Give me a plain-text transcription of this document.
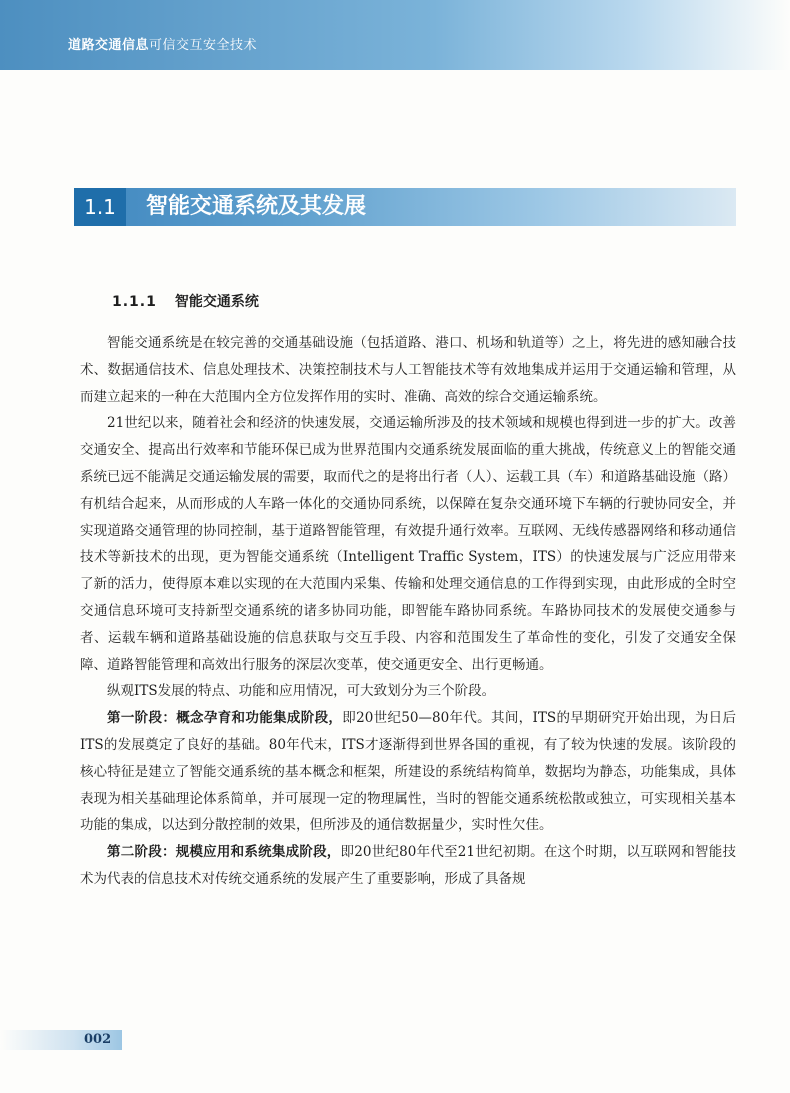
道路交通信息可信交互安全技术
1.1	智能交通系统及其发展
1.1.1 智能交通系统

智能交通系统是在较完善的交通基础设施（包括道路、港口、机场和轨道等）之上，将先进的感知融合技术、数据通信技术、信息处理技术、决策控制技术与人工智能技术等有效地集成并运用于交通运输和管理，从而建立起来的一种在大范围内全方位发挥作用的实时、准确、高效的综合交通运输系统。

21世纪以来，随着社会和经济的快速发展，交通运输所涉及的技术领域和规模也得到进一步的扩大。改善交通安全、提高出行效率和节能环保已成为世界范围内交通系统发展面临的重大挑战，传统意义上的智能交通系统已远不能满足交通运输发展的需要，取而代之的是将出行者（人）、运载工具（车）和道路基础设施（路）有机结合起来，从而形成的人车路一体化的交通协同系统，以保障在复杂交通环境下车辆的行驶协同安全，并实现道路交通管理的协同控制，基于道路智能管理，有效提升通行效率。互联网、无线传感器网络和移动通信技术等新技术的出现，更为智能交通系统（Intelligent Traffic System，ITS）的快速发展与广泛应用带来了新的活力，使得原本难以实现的在大范围内采集、传输和处理交通信息的工作得到实现，由此形成的全时空交通信息环境可支持新型交通系统的诸多协同功能，即智能车路协同系统。车路协同技术的发展使交通参与者、运载车辆和道路基础设施的信息获取与交互手段、内容和范围发生了革命性的变化，引发了交通安全保障、道路智能管理和高效出行服务的深层次变革，使交通更安全、出行更畅通。

纵观ITS发展的特点、功能和应用情况，可大致划分为三个阶段。

第一阶段：概念孕育和功能集成阶段，即20世纪50—80年代。其间，ITS的早期研究开始出现，为日后ITS的发展奠定了良好的基础。80年代末，ITS才逐渐得到世界各国的重视，有了较为快速的发展。该阶段的核心特征是建立了智能交通系统的基本概念和框架，所建设的系统结构简单，数据均为静态，功能集成，具体表现为相关基础理论体系简单，并可展现一定的物理属性，当时的智能交通系统松散或独立，可实现相关基本功能的集成，以达到分散控制的效果，但所涉及的通信数据量少，实时性欠佳。

第二阶段：规模应用和系统集成阶段，即20世纪80年代至21世纪初期。在这个时期，以互联网和智能技术为代表的信息技术对传统交通系统的发展产生了重要影响，形成了具备规

002
